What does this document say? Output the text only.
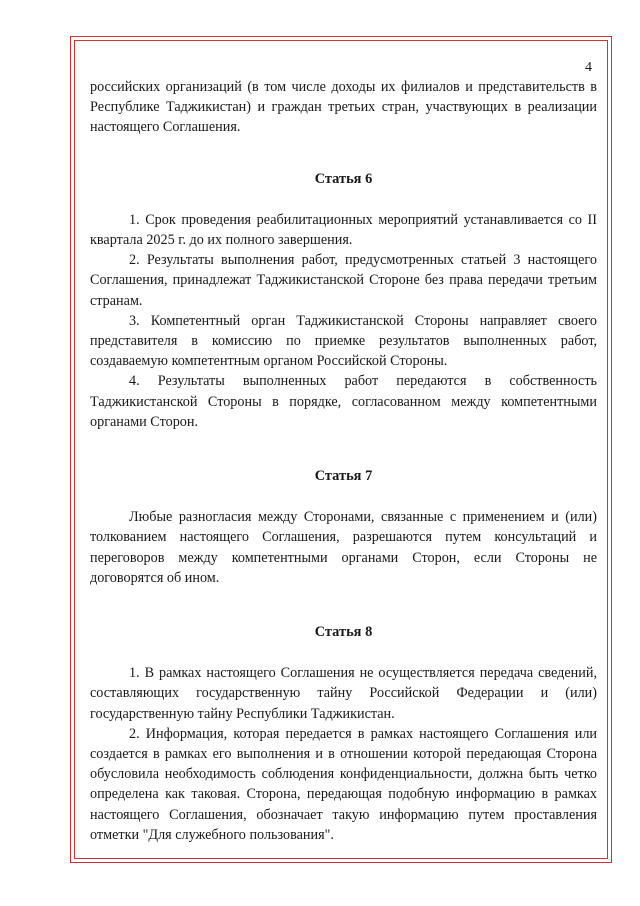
4

российских организаций (в том числе доходы их филиалов и представительств в Республике Таджикистан) и граждан третьих стран, участвующих в реализации настоящего Соглашения.

Статья 6

1. Срок проведения реабилитационных мероприятий устанавливается со II квартала 2025 г. до их полного завершения.

2. Результаты выполнения работ, предусмотренных статьей 3 настоящего Соглашения, принадлежат Таджикистанской Стороне без права передачи третьим странам.

3. Компетентный орган Таджикистанской Стороны направляет своего представителя в комиссию по приемке результатов выполненных работ, создаваемую компетентным органом Российской Стороны.

4. Результаты выполненных работ передаются в собственность Таджикистанской Стороны в порядке, согласованном между компетентными органами Сторон.

Статья 7

Любые разногласия между Сторонами, связанные с применением и (или) толкованием настоящего Соглашения, разрешаются путем консультаций и переговоров между компетентными органами Сторон, если Стороны не договорятся об ином.

Статья 8

1. В рамках настоящего Соглашения не осуществляется передача сведений, составляющих государственную тайну Российской Федерации и (или) государственную тайну Республики Таджикистан.

2. Информация, которая передается в рамках настоящего Соглашения или создается в рамках его выполнения и в отношении которой передающая Сторона обусловила необходимость соблюдения конфиденциальности, должна быть четко определена как таковая. Сторона, передающая подобную информацию в рамках настоящего Соглашения, обозначает такую информацию путем проставления отметки "Для служебного пользования".
